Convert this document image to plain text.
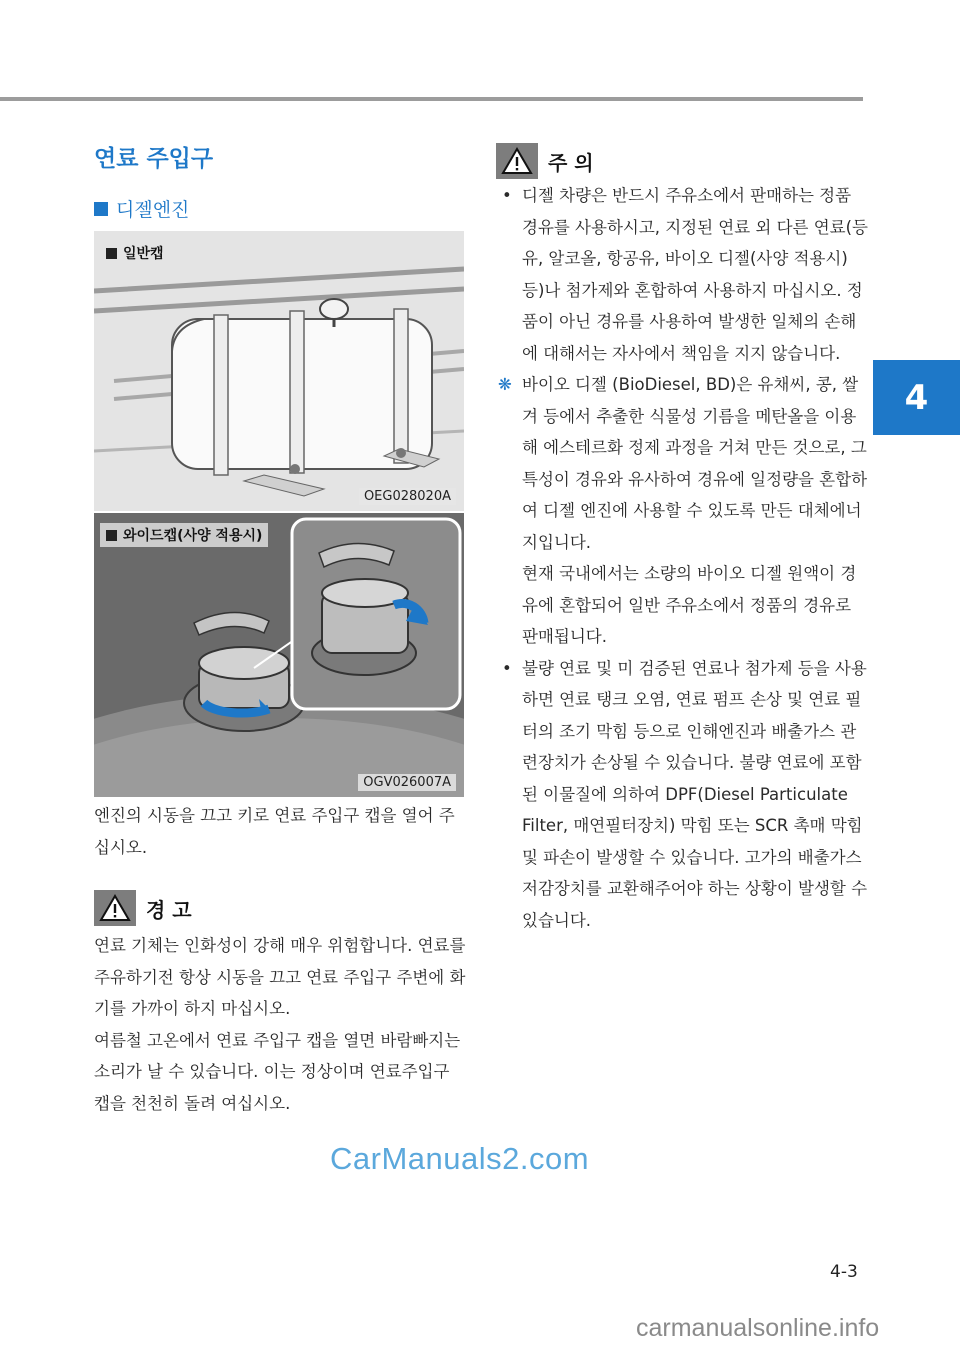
4
연료 주입구
디젤엔진
일반캡
OEG028020A
와이드캡(사양 적용시)
OGV026007A
엔진의 시동을 끄고 키로 연료 주입구 캡을 열어 주십시오.
경 고

연료 기체는 인화성이 강해 매우 위험합니다. 연료를 주유하기전 항상 시동을 끄고 연료 주입구 주변에 화기를 가까이 하지 마십시오.

여름철 고온에서 연료 주입구 캡을 열면 바람빠지는 소리가 날 수 있습니다. 이는 정상이며 연료주입구 캡을 천천히 돌려 여십시오.

주 의
• 디젤 차량은 반드시 주유소에서 판매하는 정품 경유를 사용하시고, 지정된 연료 외 다른 연료(등유, 알코올, 항공유, 바이오 디젤(사양 적용시) 등)나 첨가제와 혼합하여 사용하지 마십시오. 정품이 아닌 경유를 사용하여 발생한 일체의 손해에 대해서는 자사에서 책임을 지지 않습니다.

❋ 바이오 디젤 (BioDiesel, BD)은 유채씨, 콩, 쌀겨 등에서 추출한 식물성 기름을 메탄올을 이용해 에스테르화 정제 과정을 거쳐 만든 것으로, 그 특성이 경유와 유사하여 경유에 일정량을 혼합하여 디젤 엔진에 사용할 수 있도록 만든 대체에너지입니다.

현재 국내에서는 소량의 바이오 디젤 원액이 경유에 혼합되어 일반 주유소에서 정품의 경유로 판매됩니다.

• 불량 연료 및 미 검증된 연료나 첨가제 등을 사용하면 연료 탱크 오염, 연료 펌프 손상 및 연료 필터의 조기 막힘 등으로 인해엔진과 배출가스 관련장치가 손상될 수 있습니다. 불량 연료에 포함된 이물질에 의하여 DPF(Diesel Particulate Filter, 매연필터장치) 막힘 또는 SCR 촉매 막힘 및 파손이 발생할 수 있습니다. 고가의 배출가스 저감장치를 교환해주어야 하는 상황이 발생할 수 있습니다.

CarManuals2.com
4-3
carmanualsonline.info
